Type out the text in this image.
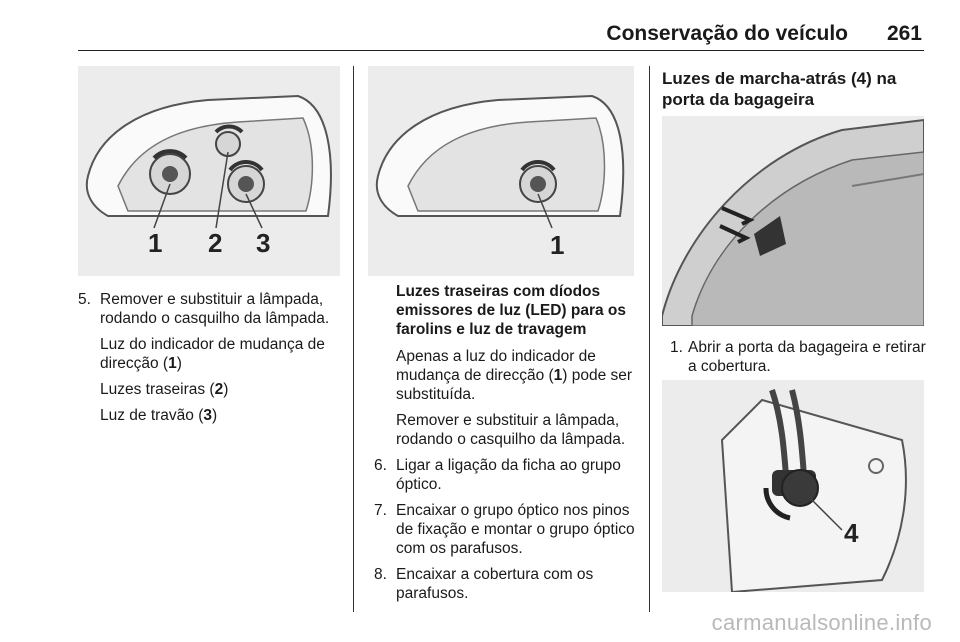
Conservação do veículo 261
1 2 3	1
4
5. Remover e substituir a lâmpada, rodando o casquilho da lâmpada.
Luz do indicador de mudança de direcção (1)
Luzes traseiras (2)
Luz de travão (3)
Luzes traseiras com díodos emissores de luz (LED) para os farolins e luz de travagem
Apenas a luz do indicador de mudança de direcção (1) pode ser substituída.
Remover e substituir a lâmpada, rodando o casquilho da lâmpada.
6. Ligar a ligação da ficha ao grupo óptico.
7. Encaixar o grupo óptico nos pinos de fixação e montar o grupo óptico com os parafusos.
8. Encaixar a cobertura com os parafusos.
Luzes de marcha-atrás (4) na porta da bagageira
1. Abrir a porta da bagageira e retirar a cobertura.
carmanualsonline.info
